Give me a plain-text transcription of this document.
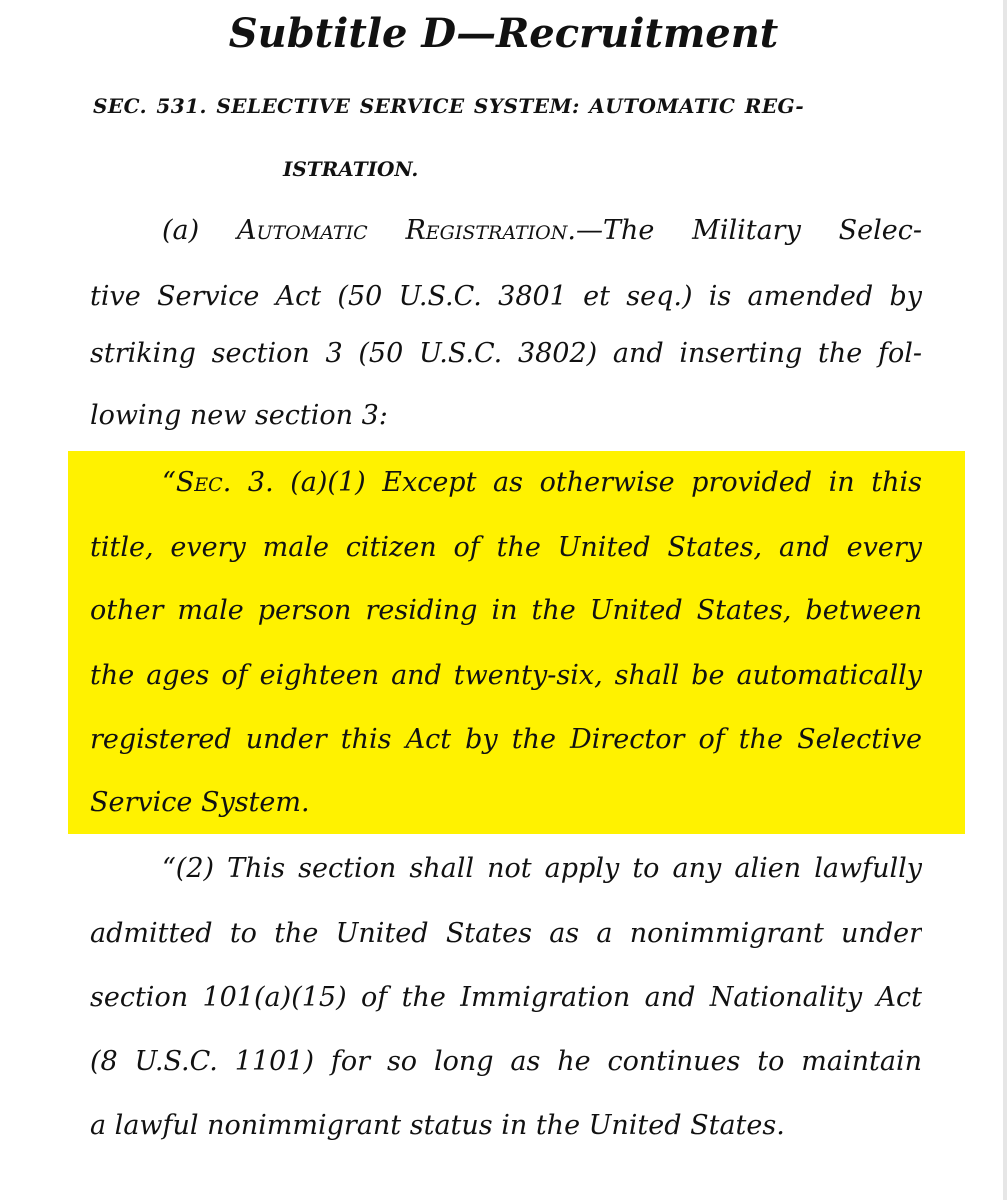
Subtitle D—Recruitment
SEC. 531. SELECTIVE SERVICE SYSTEM: AUTOMATIC REG-
ISTRATION.
(a) Automatic Registration.—The Military Selec-
tive Service Act (50 U.S.C. 3801 et seq.) is amended by
striking section 3 (50 U.S.C. 3802) and inserting the fol-
lowing new section 3:
“Sec. 3. (a)(1) Except as otherwise provided in this
title, every male citizen of the United States, and every
other male person residing in the United States, between
the ages of eighteen and twenty-six, shall be automatically
registered under this Act by the Director of the Selective
Service System.
“(2) This section shall not apply to any alien lawfully
admitted to the United States as a nonimmigrant under
section 101(a)(15) of the Immigration and Nationality Act
(8 U.S.C. 1101) for so long as he continues to maintain
a lawful nonimmigrant status in the United States.
